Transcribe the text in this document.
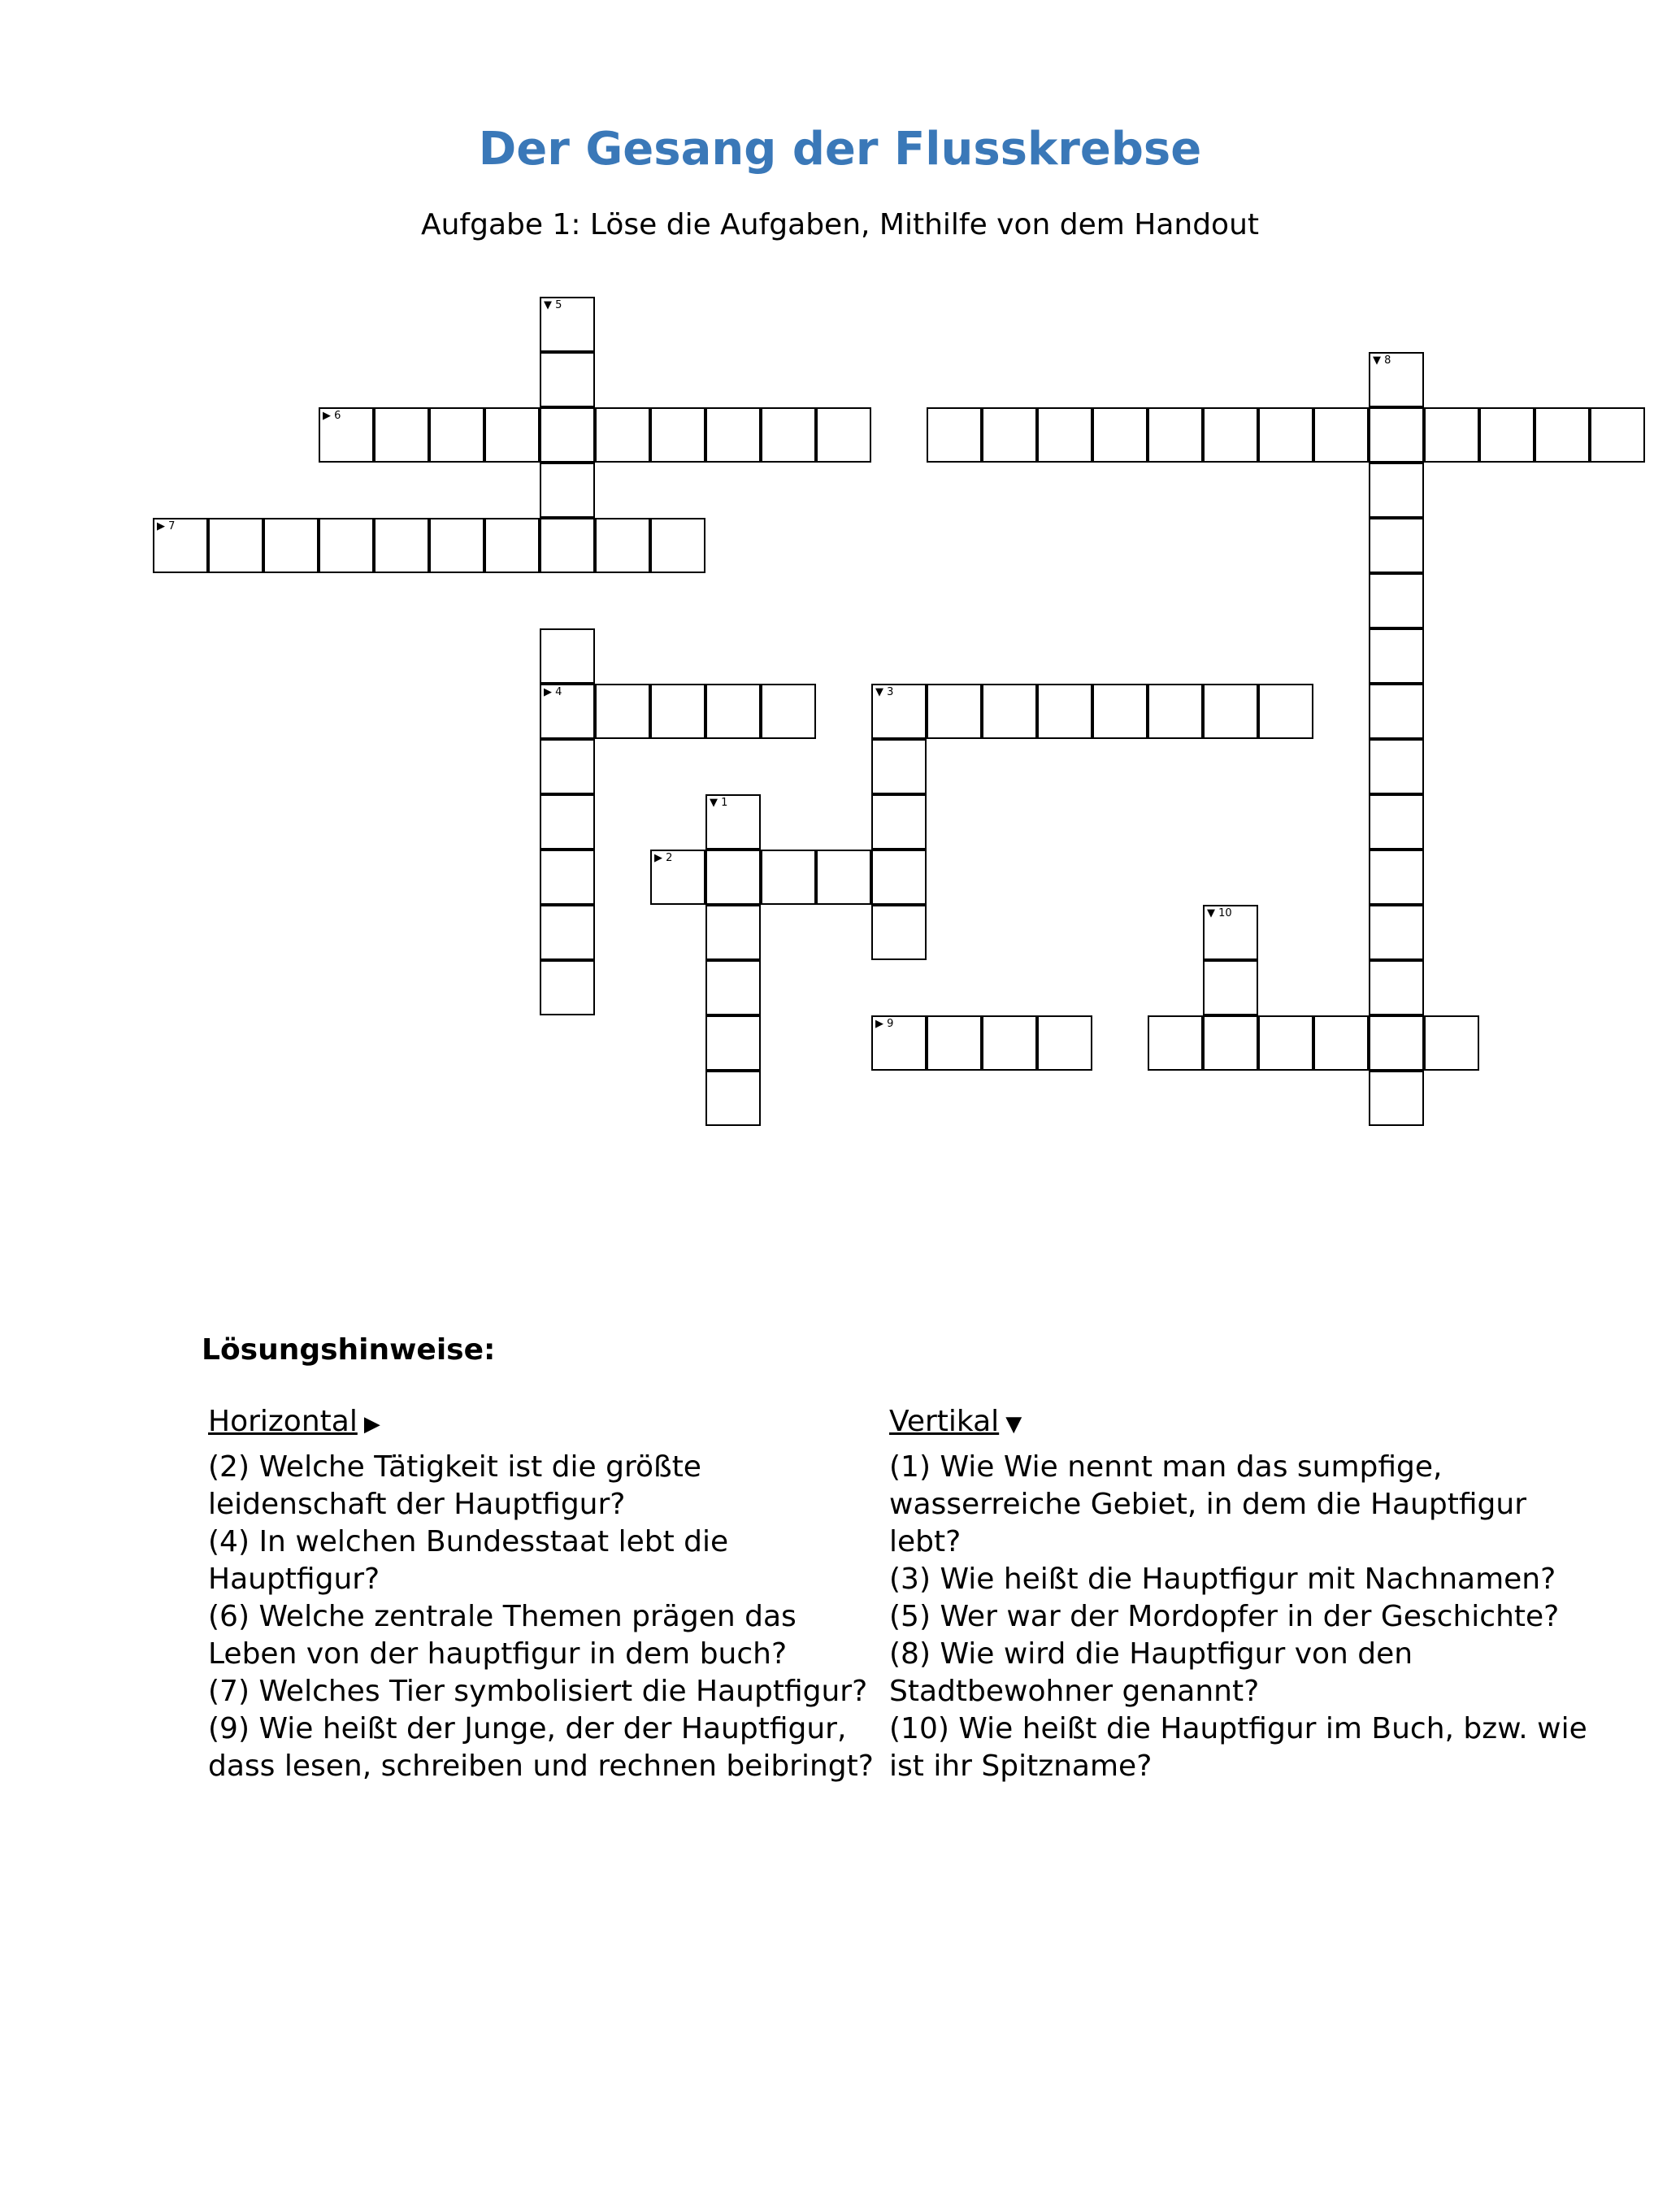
Der Gesang der Flusskrebse
Aufgabe 1: Löse die Aufgaben, Mithilfe von dem Handout
▶ 6
▶ 7
▶ 4	▼ 3
▶ 2
▶ 9
▼ 5
▼ 8
▼ 1
▼ 10
Lösungshinweise:
Horizontal ▶	Vertikal ▼
(2) Welche Tätigkeit ist die größte leidenschaft der Hauptfigur?
(4) In welchen Bundesstaat lebt die Hauptfigur?
(6) Welche zentrale Themen prägen das Leben von der hauptfigur in dem buch?
(7) Welches Tier symbolisiert die Hauptfigur?
(9) Wie heißt der Junge, der der Hauptfigur, dass lesen, schreiben und rechnen beibringt?
(1) Wie Wie nennt man das sumpfige, wasserreiche Gebiet, in dem die Hauptfigur lebt?
(3) Wie heißt die Hauptfigur mit Nachnamen?
(5) Wer war der Mordopfer in der Geschichte?
(8) Wie wird die Hauptfigur von den Stadtbewohner genannt?
(10) Wie heißt die Hauptfigur im Buch, bzw. wie ist ihr Spitzname?
